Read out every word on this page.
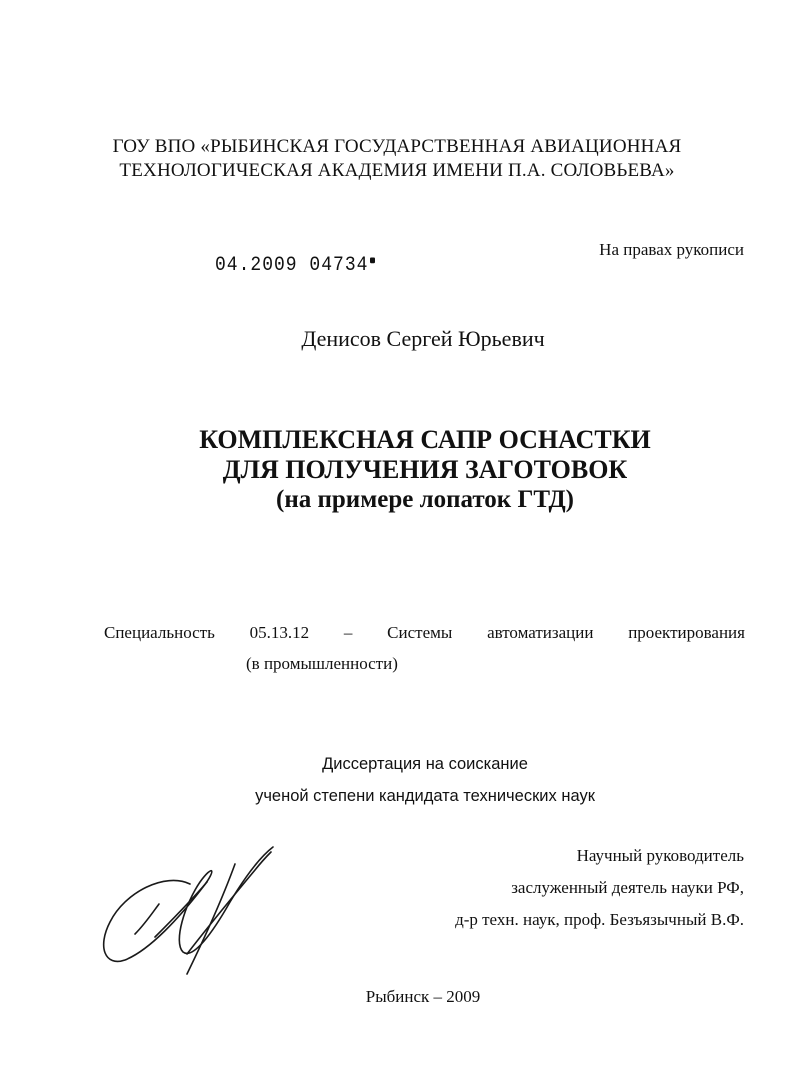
ГОУ ВПО «РЫБИНСКАЯ ГОСУДАРСТВЕННАЯ АВИАЦИОННАЯ
ТЕХНОЛОГИЧЕСКАЯ АКАДЕМИЯ ИМЕНИ П.А. СОЛОВЬЕВА»
04.2009 04734
На правах рукописи
Денисов Сергей Юрьевич
КОМПЛЕКСНАЯ САПР ОСНАСТКИ
ДЛЯ ПОЛУЧЕНИЯ ЗАГОТОВОК
(на примере лопаток ГТД)
Специальность 05.13.12 – Системы автоматизации проектирования
(в промышленности)
Диссертация на соискание
ученой степени кандидата технических наук
Научный руководитель
заслуженный деятель науки РФ,
д-р техн. наук, проф. Безъязычный В.Ф.
Рыбинск – 2009
